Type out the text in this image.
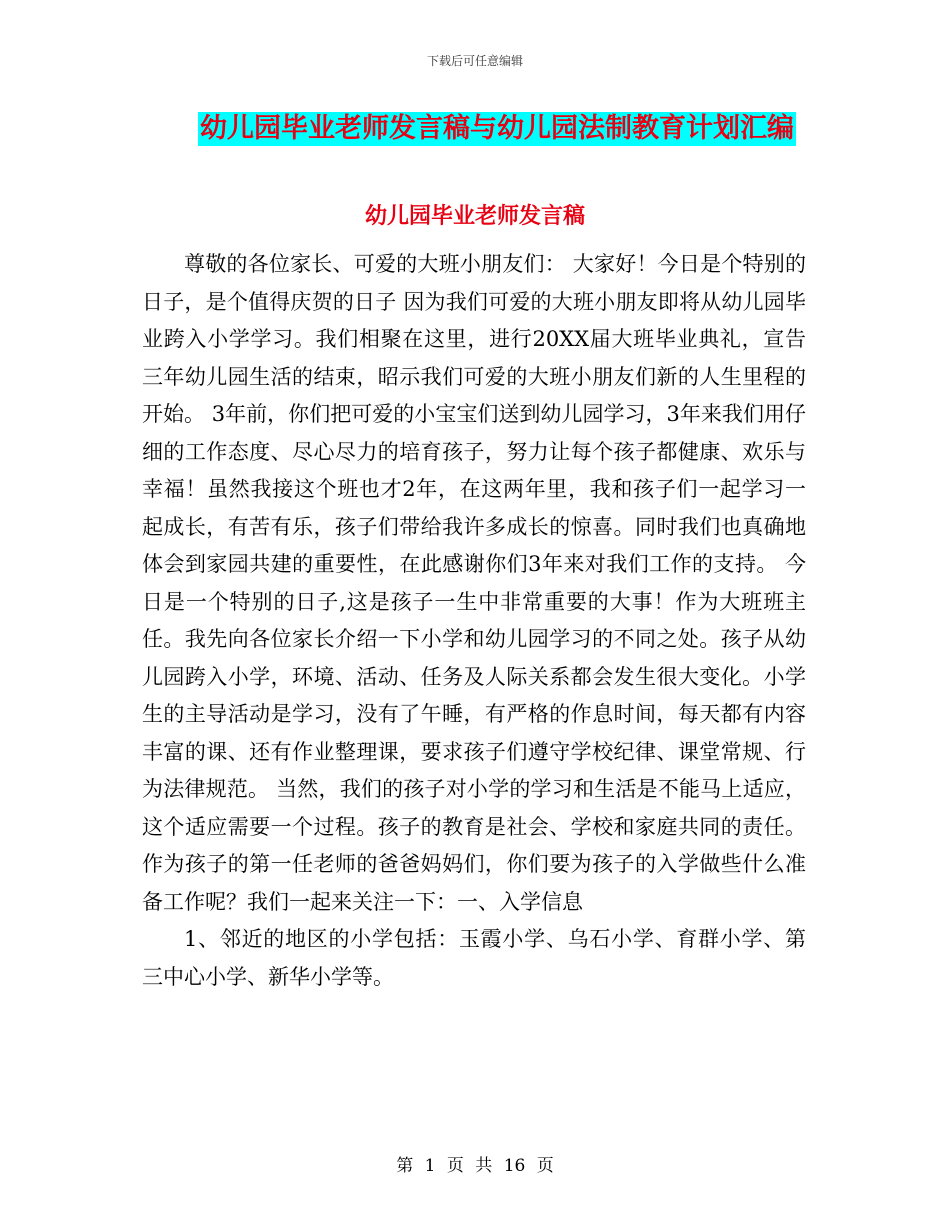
下载后可任意编辑
幼儿园毕业老师发言稿与幼儿园法制教育计划汇编
幼儿园毕业老师发言稿

尊敬的各位家长、可爱的大班小朋友们： 大家好！今日是个特别的日子，是个值得庆贺的日子 因为我们可爱的大班小朋友即将从幼儿园毕业跨入小学学习。我们相聚在这里，进行20XX届大班毕业典礼，宣告三年幼儿园生活的结束，昭示我们可爱的大班小朋友们新的人生里程的开始。 3年前，你们把可爱的小宝宝们送到幼儿园学习，3年来我们用仔细的工作态度、尽心尽力的培育孩子，努力让每个孩子都健康、欢乐与幸福！虽然我接这个班也才2年，在这两年里，我和孩子们一起学习一起成长，有苦有乐，孩子们带给我许多成长的惊喜。同时我们也真确地体会到家园共建的重要性，在此感谢你们3年来对我们工作的支持。 今日是一个特别的日子,这是孩子一生中非常重要的大事！作为大班班主任。我先向各位家长介绍一下小学和幼儿园学习的不同之处。孩子从幼儿园跨入小学，环境、活动、任务及人际关系都会发生很大变化。小学生的主导活动是学习，没有了午睡，有严格的作息时间，每天都有内容丰富的课、还有作业整理课，要求孩子们遵守学校纪律、课堂常规、行为法律规范。 当然，我们的孩子对小学的学习和生活是不能马上适应，这个适应需要一个过程。孩子的教育是社会、学校和家庭共同的责任。作为孩子的第一任老师的爸爸妈妈们，你们要为孩子的入学做些什么准备工作呢？我们一起来关注一下：一、入学信息

1、邻近的地区的小学包括：玉霞小学、乌石小学、育群小学、第三中心小学、新华小学等。

第 1 页 共 16 页
